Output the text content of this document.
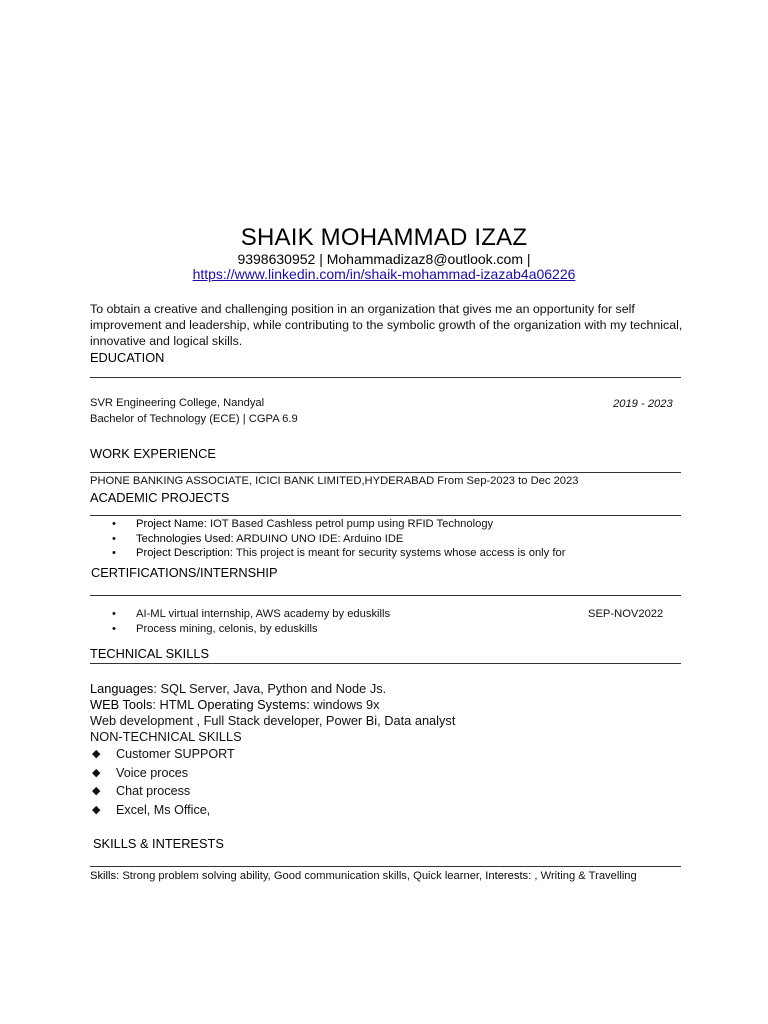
SHAIK MOHAMMAD IZAZ
9398630952 | Mohammadizaz8@outlook.com |
https://www.linkedin.com/in/shaik-mohammad-izazab4a06226
To obtain a creative and challenging position in an organization that gives me an opportunity for self improvement and leadership, while contributing to the symbolic growth of the organization with my technical, innovative and logical skills.
EDUCATION
SVR Engineering College, Nandyal	2019 - 2023
Bachelor of Technology (ECE) | CGPA 6.9
WORK EXPERIENCE
PHONE BANKING ASSOCIATE, ICICI BANK LIMITED,HYDERABAD From Sep-2023 to Dec 2023
ACADEMIC PROJECTS
• Project Name: IOT Based Cashless petrol pump using RFID Technology
• Technologies Used: ARDUINO UNO IDE: Arduino IDE
• Project Description: This project is meant for security systems whose access is only for
CERTIFICATIONS/INTERNSHIP
• AI-ML virtual internship, AWS academy by eduskills
• Process mining, celonis, by eduskills
SEP-NOV2022
TECHNICAL SKILLS
Languages: SQL Server, Java, Python and Node Js.
WEB Tools: HTML Operating Systems: windows 9x
Web development , Full Stack developer, Power Bi, Data analyst
NON-TECHNICAL SKILLS
◆ Customer SUPPORT
◆ Voice proces
◆ Chat process
◆ Excel, Ms Office,
SKILLS & INTERESTS
Skills: Strong problem solving ability, Good communication skills, Quick learner, Interests: , Writing & Travelling
